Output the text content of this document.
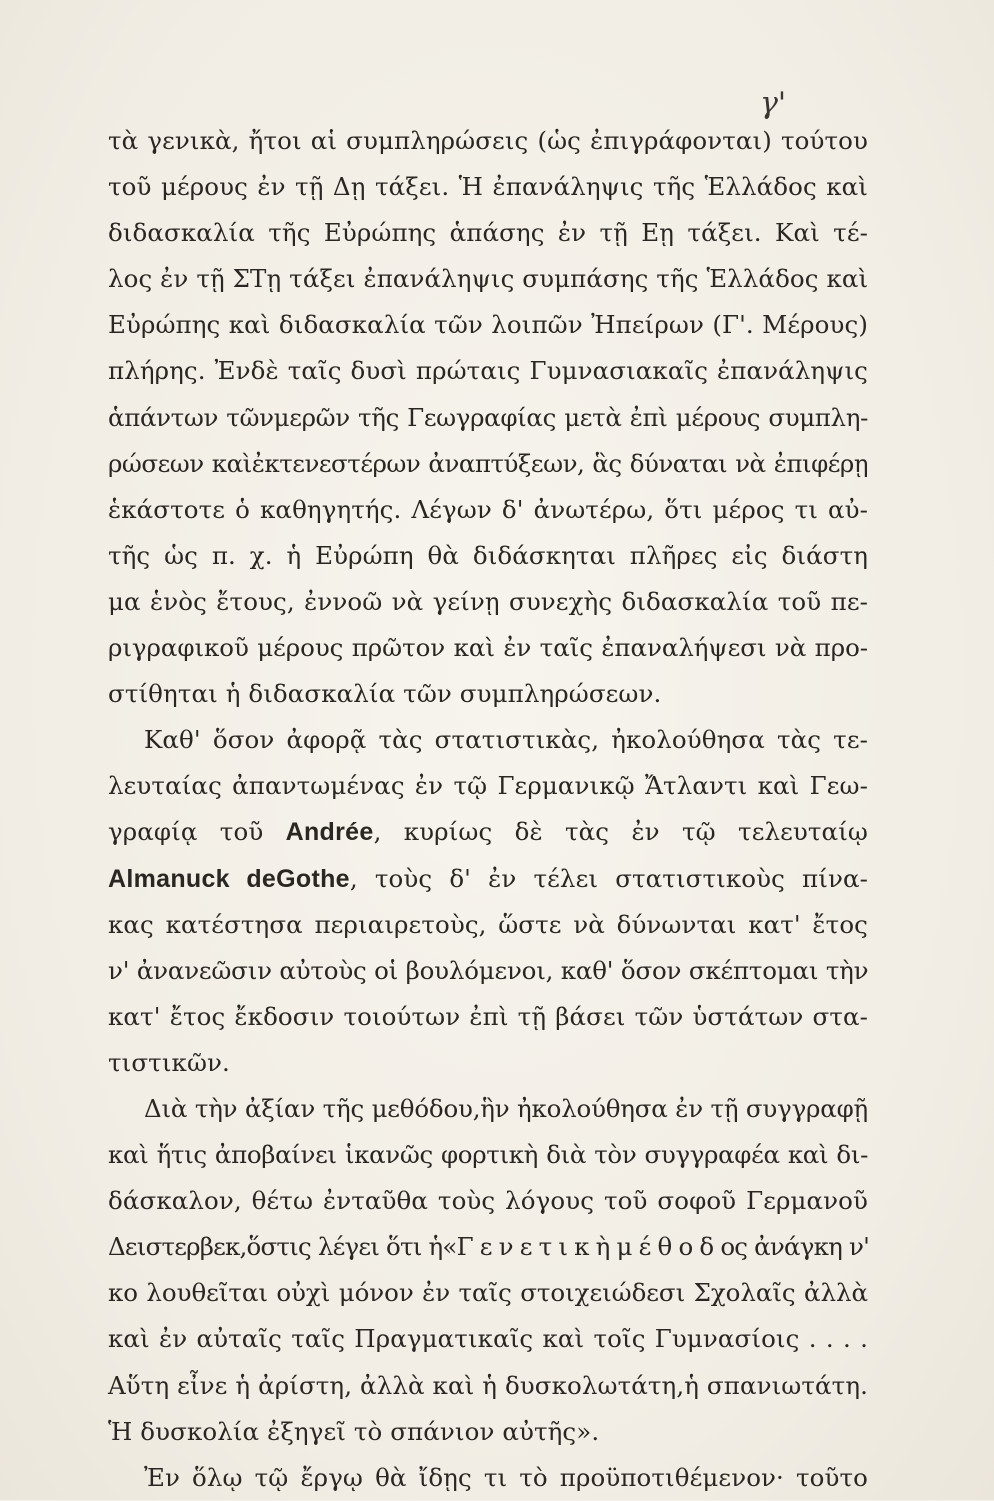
γ'
τὰ γενικὰ, ἤτοι αἱ συμπληρώσεις (ὡς ἐπιγράφονται) τούτου
τοῦ μέρους ἐν τῇ Δῃ τάξει. Ἡ ἐπανάληψις τῆς Ἑλλάδος καὶ
διδασκαλία τῆς Εὐρώπης ἁπάσης ἐν τῇ Εῃ τάξει. Καὶ τέ-
λος ἐν τῇ ΣΤῃ τάξει ἐπανάληψις συμπάσης τῆς Ἑλλάδος καὶ
Εὐρώπης καὶ διδασκαλία τῶν λοιπῶν Ἠπείρων (Γ'. Μέρους)
πλήρης. Ἐνδὲ ταῖς δυσὶ πρώταις Γυμνασιακαῖς ἐπανάληψις
ἁπάντων τῶνμερῶν τῆς Γεωγραφίας μετὰ ἐπὶ μέρους συμπλη-
ρώσεων καὶἐκτενεστέρων ἀναπτύξεων, ἃς δύναται νὰ ἐπιφέρῃ
ἑκάστοτε ὁ καθηγητής. Λέγων δ' ἀνωτέρω, ὅτι μέρος τι αὐ-
τῆς ὡς π. χ. ἡ Εὐρώπη θὰ διδάσκηται πλῆρες εἰς διάστη
μα ἑνὸς ἔτους, ἐννοῶ νὰ γείνῃ συνεχὴς διδασκαλία τοῦ πε-
ριγραφικοῦ μέρους πρῶτον καὶ ἐν ταῖς ἐπαναλήψεσι νὰ προ-
στίθηται ἡ διδασκαλία τῶν συμπληρώσεων.
Καθ' ὅσον ἀφορᾷ τὰς στατιστικὰς, ἠκολούθησα τὰς τε-
λευταίας ἀπαντωμένας ἐν τῷ Γερμανικῷ Ἄτλαντι καὶ Γεω-
γραφίᾳ τοῦ Andrée, κυρίως δὲ τὰς ἐν τῷ τελευταίῳ
Almanuck deGothe, τοὺς δ' ἐν τέλει στατιστικοὺς πίνα-
κας κατέστησα περιαιρετοὺς, ὥστε νὰ δύνωνται κατ' ἔτος
ν' ἀνανεῶσιν αὐτοὺς οἱ βουλόμενοι, καθ' ὅσον σκέπτομαι τὴν
κατ' ἔτος ἔκδοσιν τοιούτων ἐπὶ τῇ βάσει τῶν ὑστάτων στα-
τιστικῶν.
Διὰ τὴν ἀξίαν τῆς μεθόδου,ἣν ἠκολούθησα ἐν τῇ συγγραφῇ
καὶ ἥτις ἀποβαίνει ἱκανῶς φορτικὴ διὰ τὸν συγγραφέα καὶ δι-
δάσκαλον, θέτω ἐνταῦθα τοὺς λόγους τοῦ σοφοῦ Γερμανοῦ
Δειστερβεκ,ὅστις λέγει ὅτι ἡ«Γ ε ν ε τ ι κ ὴ μ έ θ ο δ ος ἀνάγκη ν'
κο λουθεῖται οὐχὶ μόνον ἐν ταῖς στοιχειώδεσι Σχολαῖς ἀλλὰ
καὶ ἐν αὐταῖς ταῖς Πραγματικαῖς καὶ τοῖς Γυμνασίοις . . . .
Αὕτη εἶνε ἡ ἀρίστη, ἀλλὰ καὶ ἡ δυσκολωτάτη,ἡ σπανιωτάτη.
Ἡ δυσκολία ἐξηγεῖ τὸ σπάνιον αὐτῆς».
Ἐν ὅλῳ τῷ ἔργῳ θὰ ἴδῃς τι τὸ προϋποτιθέμενον· τοῦτο
